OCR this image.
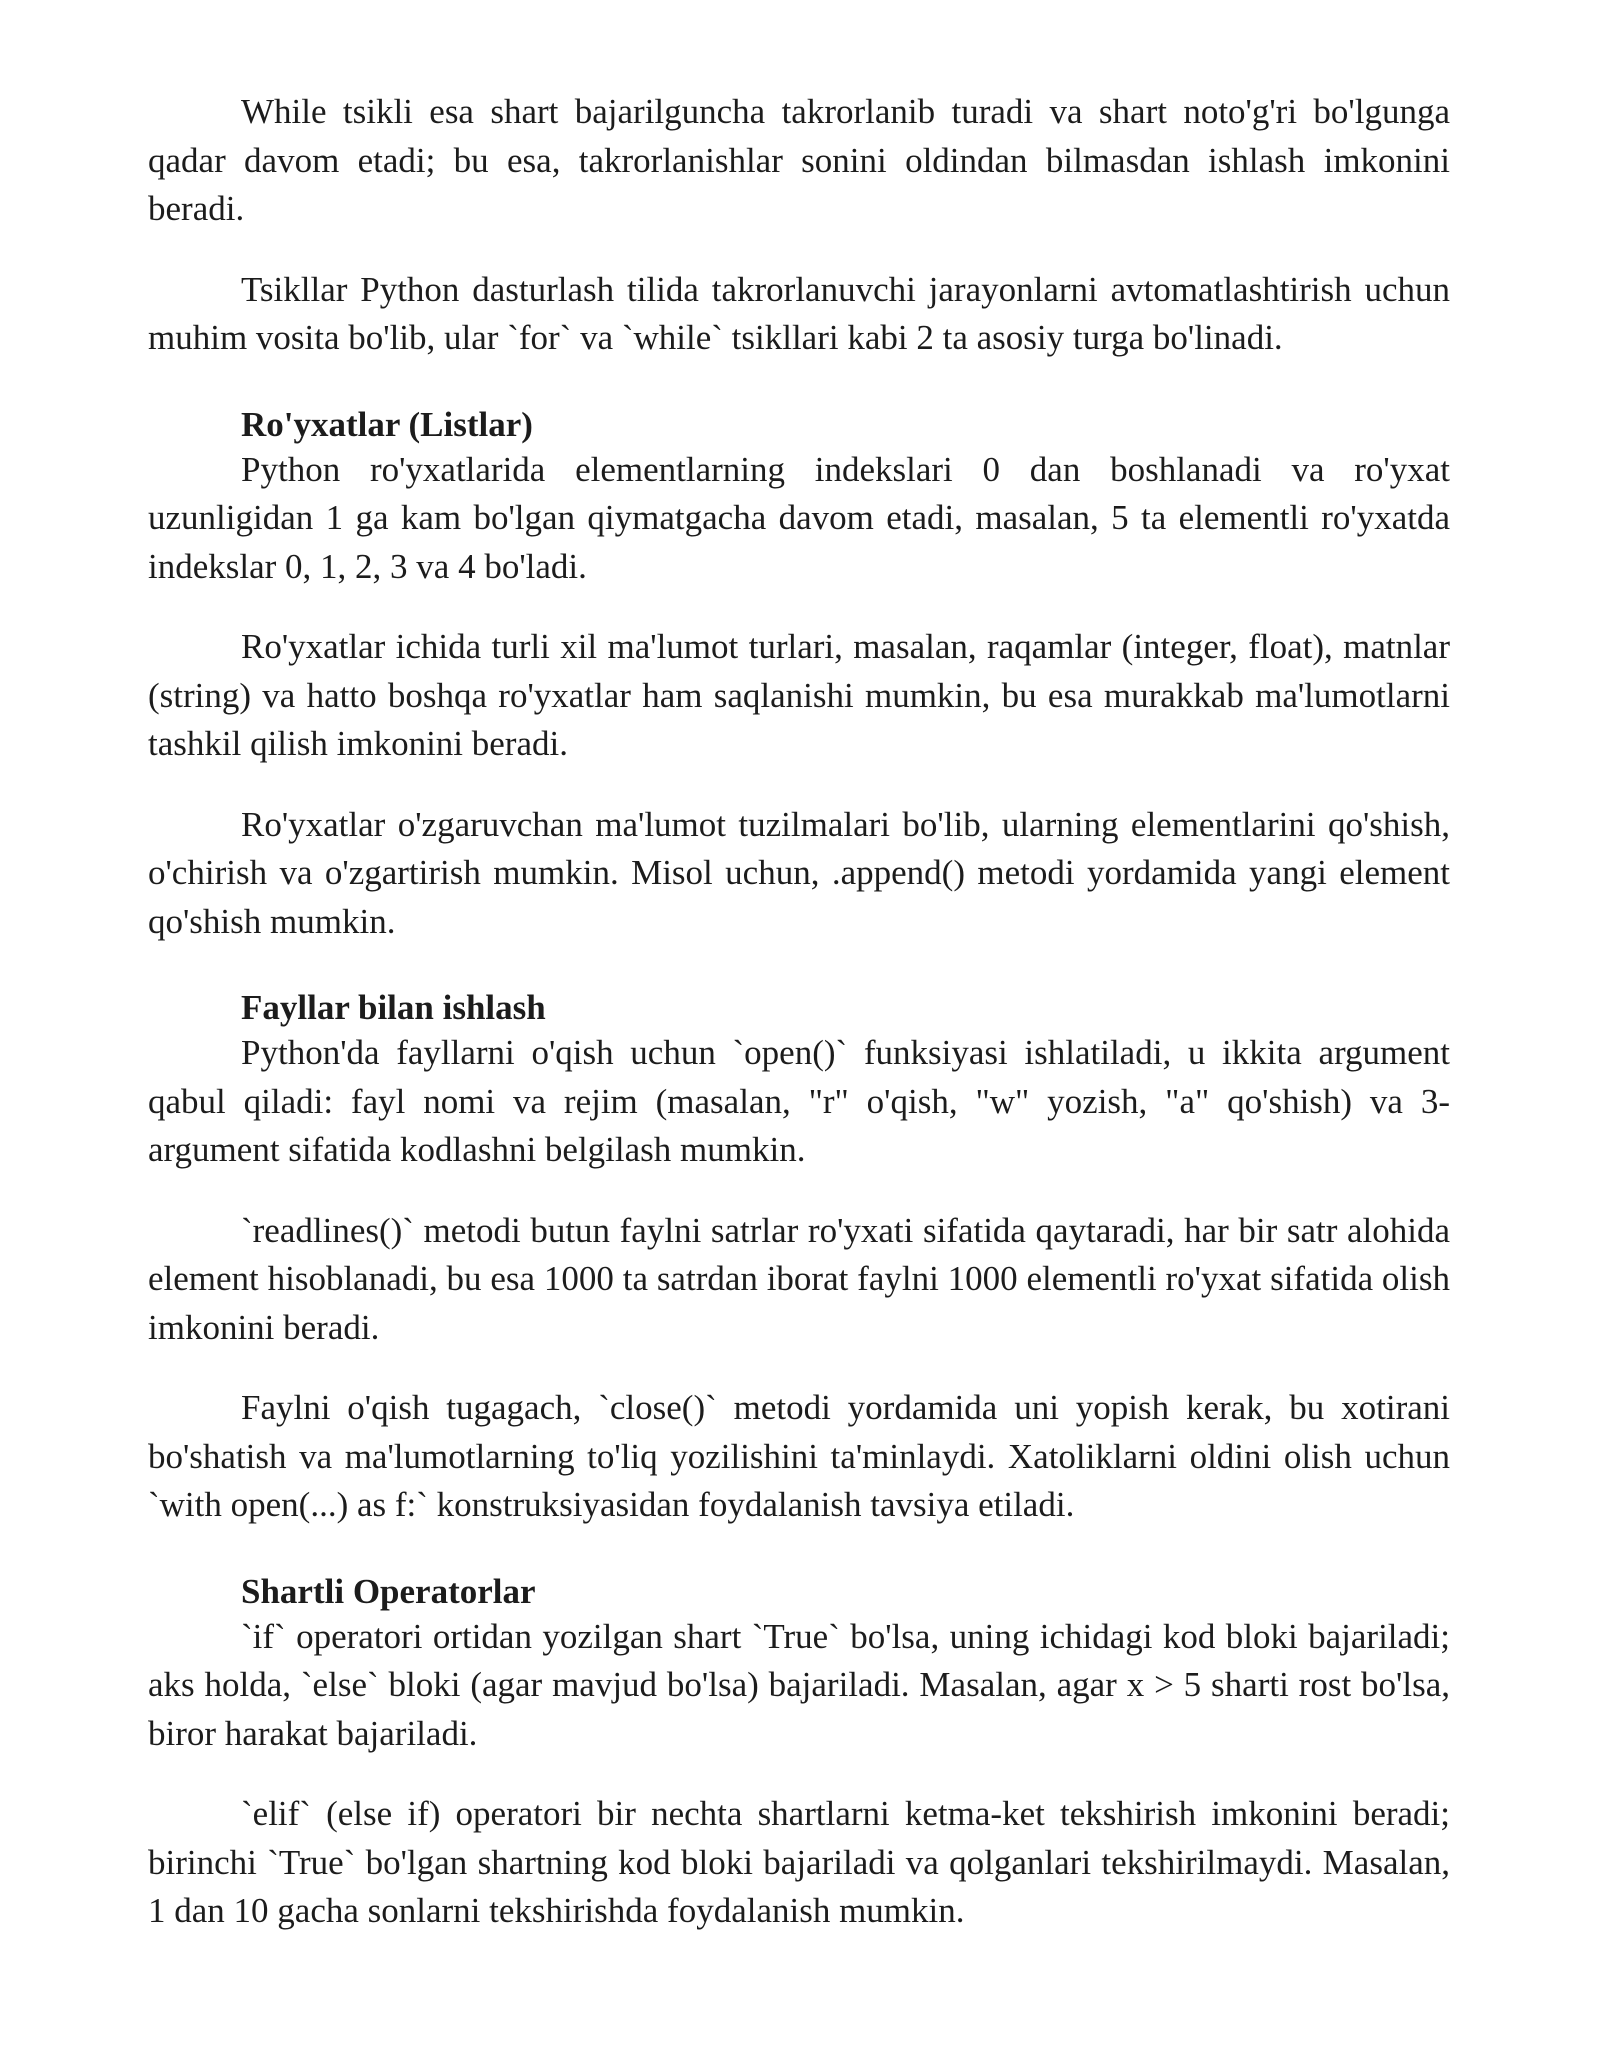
While tsikli esa shart bajarilguncha takrorlanib turadi va shart noto'g'ri bo'lgunga qadar davom etadi; bu esa, takrorlanishlar sonini oldindan bilmasdan ishlash imkonini beradi.

Tsikllar Python dasturlash tilida takrorlanuvchi jarayonlarni avtomatlashtirish uchun muhim vosita bo'lib, ular `for` va `while` tsikllari kabi 2 ta asosiy turga bo'linadi.

Ro'yxatlar (Listlar)

Python ro'yxatlarida elementlarning indekslari 0 dan boshlanadi va ro'yxat uzunligidan 1 ga kam bo'lgan qiymatgacha davom etadi, masalan, 5 ta elementli ro'yxatda indekslar 0, 1, 2, 3 va 4 bo'ladi.

Ro'yxatlar ichida turli xil ma'lumot turlari, masalan, raqamlar (integer, float), matnlar (string) va hatto boshqa ro'yxatlar ham saqlanishi mumkin, bu esa murakkab ma'lumotlarni tashkil qilish imkonini beradi.

Ro'yxatlar o'zgaruvchan ma'lumot tuzilmalari bo'lib, ularning elementlarini qo'shish, o'chirish va o'zgartirish mumkin. Misol uchun, .append() metodi yordamida yangi element qo'shish mumkin.

Fayllar bilan ishlash

Python'da fayllarni o'qish uchun `open()` funksiyasi ishlatiladi, u ikkita argument qabul qiladi: fayl nomi va rejim (masalan, "r" o'qish, "w" yozish, "a" qo'shish) va 3-argument sifatida kodlashni belgilash mumkin.

`readlines()` metodi butun faylni satrlar ro'yxati sifatida qaytaradi, har bir satr alohida element hisoblanadi, bu esa 1000 ta satrdan iborat faylni 1000 elementli ro'yxat sifatida olish imkonini beradi.

Faylni o'qish tugagach, `close()` metodi yordamida uni yopish kerak, bu xotirani bo'shatish va ma'lumotlarning to'liq yozilishini ta'minlaydi. Xatoliklarni oldini olish uchun `with open(...) as f:` konstruksiyasidan foydalanish tavsiya etiladi.

Shartli Operatorlar

`if` operatori ortidan yozilgan shart `True` bo'lsa, uning ichidagi kod bloki bajariladi; aks holda, `else` bloki (agar mavjud bo'lsa) bajariladi. Masalan, agar x > 5 sharti rost bo'lsa, biror harakat bajariladi.

`elif` (else if) operatori bir nechta shartlarni ketma-ket tekshirish imkonini beradi; birinchi `True` bo'lgan shartning kod bloki bajariladi va qolganlari tekshirilmaydi. Masalan, 1 dan 10 gacha sonlarni tekshirishda foydalanish mumkin.
